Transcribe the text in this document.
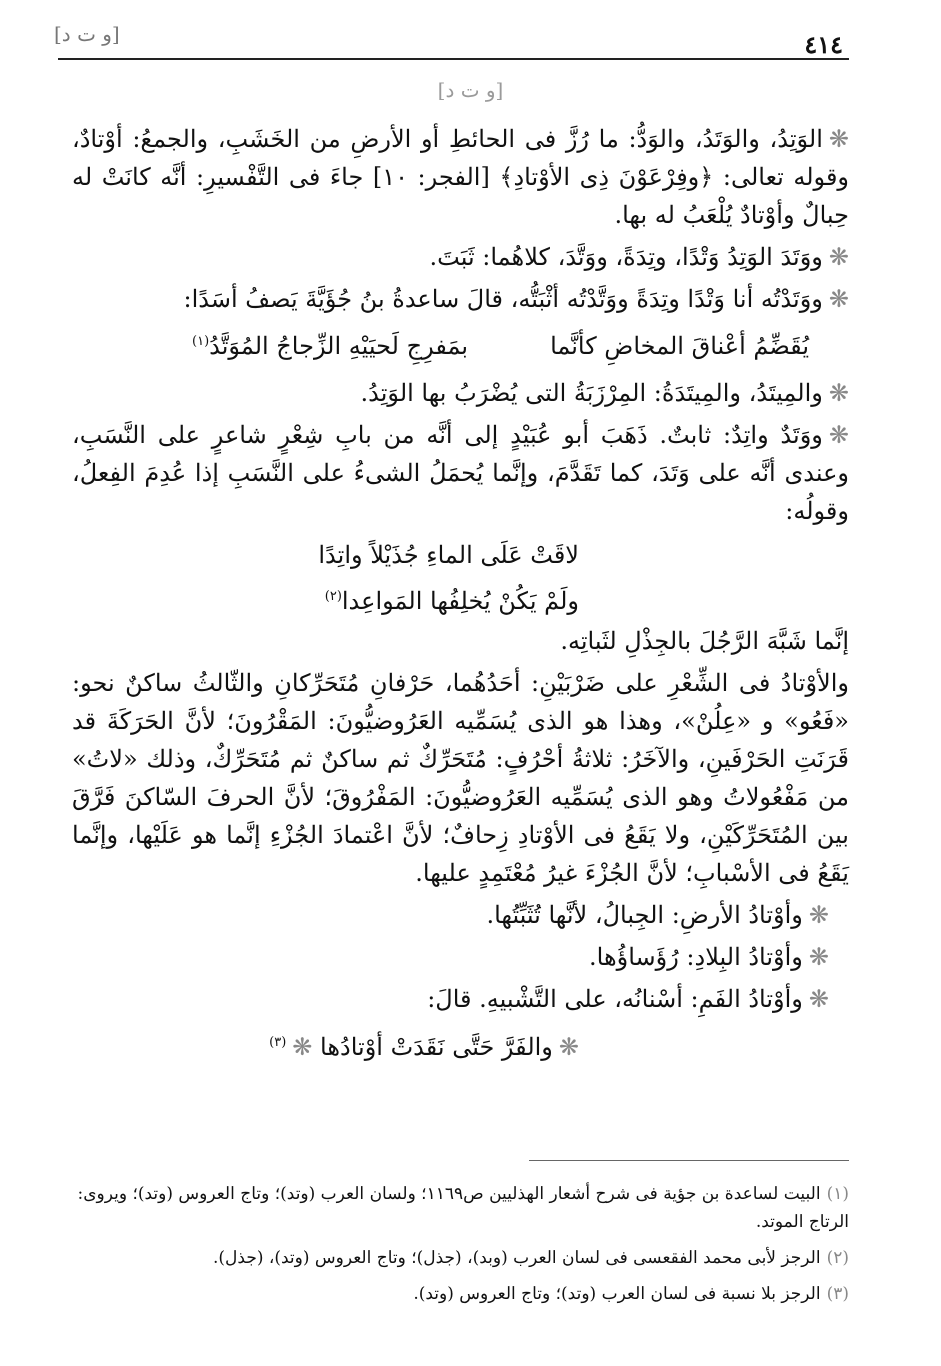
٤١٤
[و ت د]
[و ت د]

❋الوَتِدُ، والوَتَدُ، والوَدُّ: ما رُزَّ فى الحائطِ أو الأرضِ من الخَشَبِ، والجمعُ: أوْتادٌ، وقوله تعالى: ﴿وفِرْعَوْنَ ذِى الأوْتادِ﴾ [الفجر: ١٠] جاءَ فى التَّفْسيرِ: أنَّه كانَتْ له حِبالٌ وأوْتادٌ يُلْعَبُ له بها.

❋ووَتَدَ الوَتِدُ وَتْدًا، وتِدَةً، ووَتَّدَ، كلاهُما: ثَبَتَ.

❋ووَتَدْتُه أنا وَتْدًا وتِدَةً ووَتَّدْتُه أثْبَتُّه، قالَ ساعدةُ بنُ جُؤَيَّةَ يَصفُ أسَدًا:

يُقَضِّمُ أعْناقَ المخاضِ كأنَّما
بمَفرِجِ لَحيَيْهِ الزِّجاجُ المُوَتَّدُ$^{(١)}$

❋والمِيتَدُ، والمِيتَدَةُ: المِرْزَبَةُ التى يُضْرَبُ بها الوَتِدُ.

❋ووَتَدٌ واتِدٌ: ثابتٌ. ذَهَبَ أبو عُبَيْدٍ إلى أنَّه من بابِ شِعْرٍ شاعرٍ على النَّسَبِ، وعندى أنَّه على وَتَدَ، كما تَقَدَّمَ، وإنَّما يُحمَلُ الشىءُ على النَّسَبِ إذا عُدِمَ الفِعلُ، وقولُه:

لاقَتْ عَلَى الماءِ جُذَيْلاً واتِدًا

ولَمْ يَكُنْ يُخلِفُها المَواعِدا$^{(٢)}$

إنَّما شَبَّهَ الرَّجُلَ بالجِذْلِ لثَباتِه.

والأوْتادُ فى الشِّعْرِ على ضَرْبَيْنِ: أحَدُهُما، حَرْفانِ مُتَحَرِّكانِ والثّالثُ ساكنٌ نحو: «فَعُو» و «عِلُنْ»، وهذا هو الذى يُسَمِّيه العَرُوضيُّونَ: المَقْرُونَ؛ لأنَّ الحَرَكَةَ قد قَرَنَتِ الحَرْفَينِ، والآخَرُ: ثلاثةُ أحْرُفٍ: مُتَحَرِّكٌ ثم ساكنٌ ثم مُتَحَرِّكٌ، وذلك «لاتُ» من مَفْعُولاتُ وهو الذى يُسَمِّيه العَرُوضيُّونَ: المَفْرُوقَ؛ لأنَّ الحرفَ السّاكنَ فَرَّقَ بين المُتَحَرِّكَيْنِ، ولا يَقَعُ فى الأوْتادِ زِحافٌ؛ لأنَّ اعْتمادَ الجُزْءِ إنَّما هو عَلَيْها، وإنَّما يَقَعُ فى الأسْبابِ؛ لأنَّ الجُزْءَ غيرُ مُعْتَمِدٍ عليها.

❋وأوْتادُ الأرضِ: الجِبالُ، لأنَّها تُثَبِّتُها.

❋وأوْتادُ البِلادِ: رُؤَساؤُها.

❋وأوْتادُ الفَمِ: أسْنانُه، على التَّشْبيهِ. قالَ:

❋والفَرَّ حَتَّى نَقَدَتْ أوْتادُها ❋$^{(٣)}$

(١)البيت لساعدة بن جؤية فى شرح أشعار الهذليين ص١١٦٩؛ ولسان العرب (وتد)؛ وتاج العروس (وتد)؛ ويروى: الرتاج الموتد.

(٢)الرجز لأبى محمد الفقعسى فى لسان العرب (وبد)، (جذل)؛ وتاج العروس (وتد)، (جذل).

(٣)الرجز بلا نسبة فى لسان العرب (وتد)؛ وتاج العروس (وتد).
